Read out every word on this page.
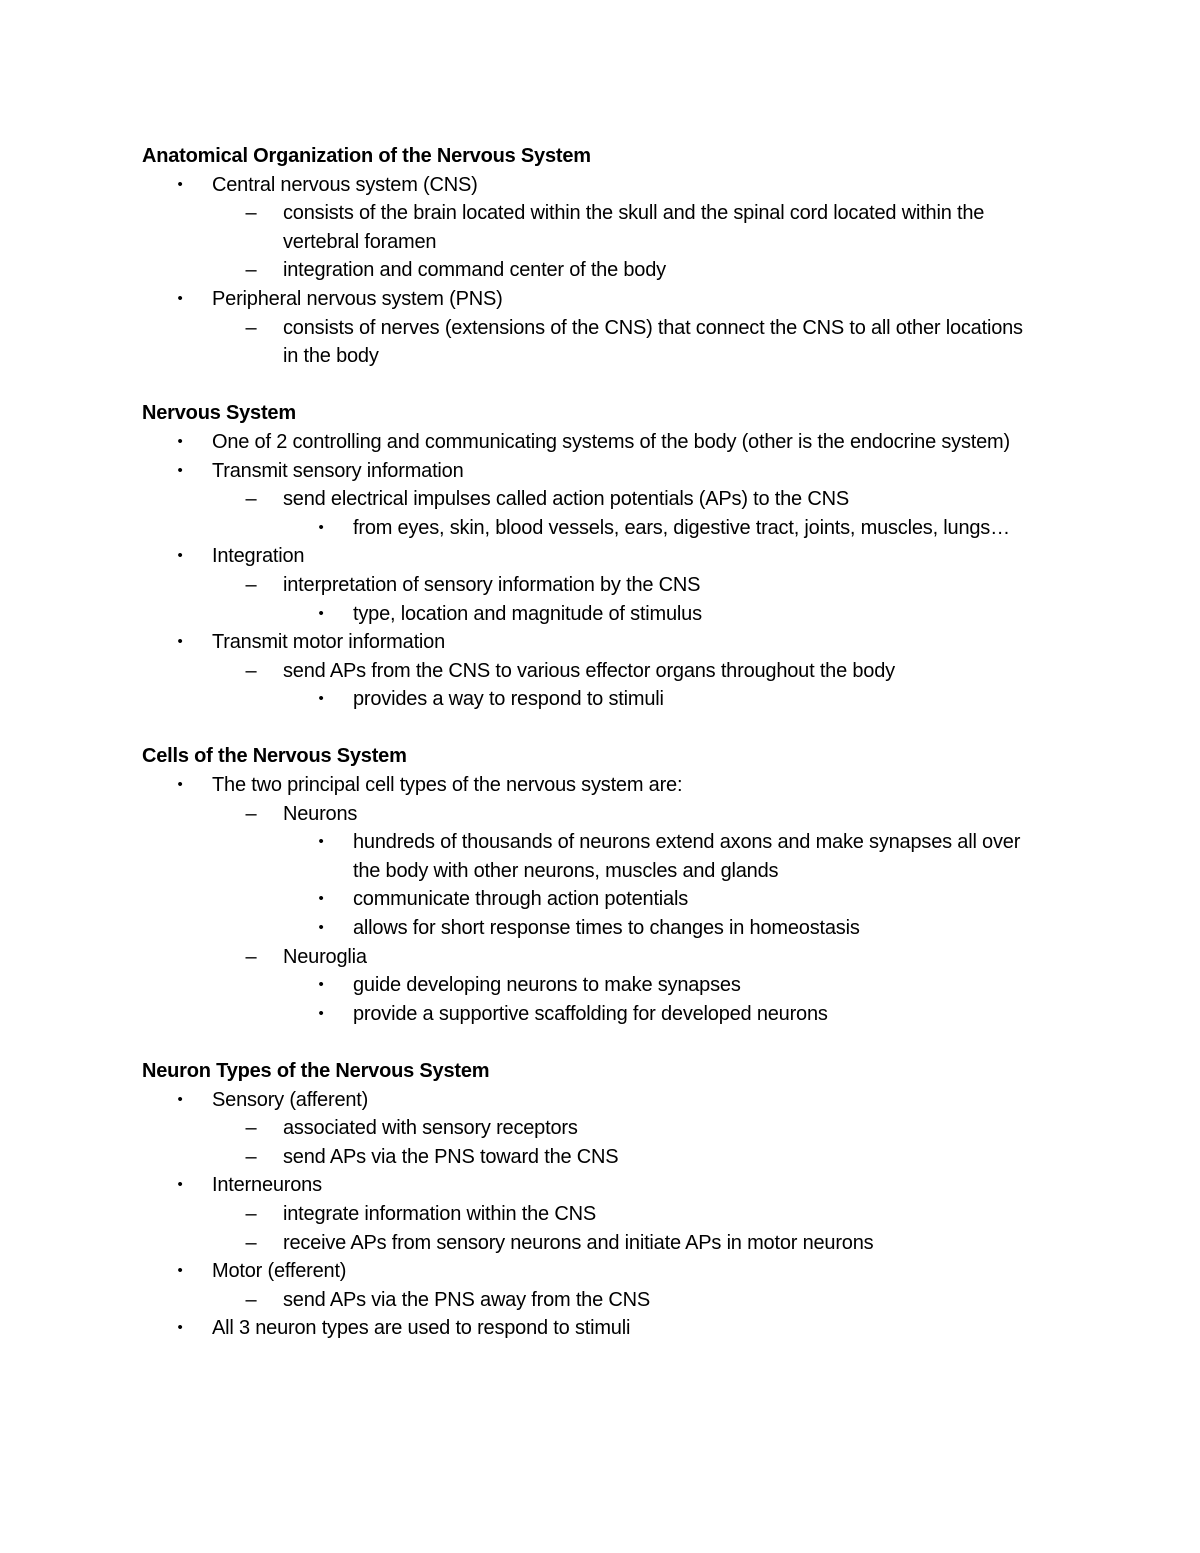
Anatomical Organization of the Nervous System
•	Central nervous system (CNS)
– consists of the brain located within the skull and the spinal cord located within the vertebral foramen
– integration and command center of the body
•	Peripheral nervous system (PNS)
– consists of nerves (extensions of the CNS) that connect the CNS to all other locations in the body
Nervous System
•	One of 2 controlling and communicating systems of the body (other is the endocrine system)
•	Transmit sensory information
– send electrical impulses called action potentials (APs) to the CNS
•	from eyes, skin, blood vessels, ears, digestive tract, joints, muscles, lungs…
•	Integration
– interpretation of sensory information by the CNS
•	type, location and magnitude of stimulus
•	Transmit motor information
– send APs from the CNS to various effector organs throughout the body
•	provides a way to respond to stimuli
Cells of the Nervous System
•	The two principal cell types of the nervous system are:
– Neurons
•	hundreds of thousands of neurons extend axons and make synapses all over the body with other neurons, muscles and glands
•	communicate through action potentials
•	allows for short response times to changes in homeostasis
– Neuroglia
•	guide developing neurons to make synapses
•	provide a supportive scaffolding for developed neurons
Neuron Types of the Nervous System
•	Sensory (afferent)
– associated with sensory receptors
– send APs via the PNS toward the CNS
•	Interneurons
– integrate information within the CNS
– receive APs from sensory neurons and initiate APs in motor neurons
•	Motor (efferent)
– send APs via the PNS away from the CNS
•	All 3 neuron types are used to respond to stimuli
